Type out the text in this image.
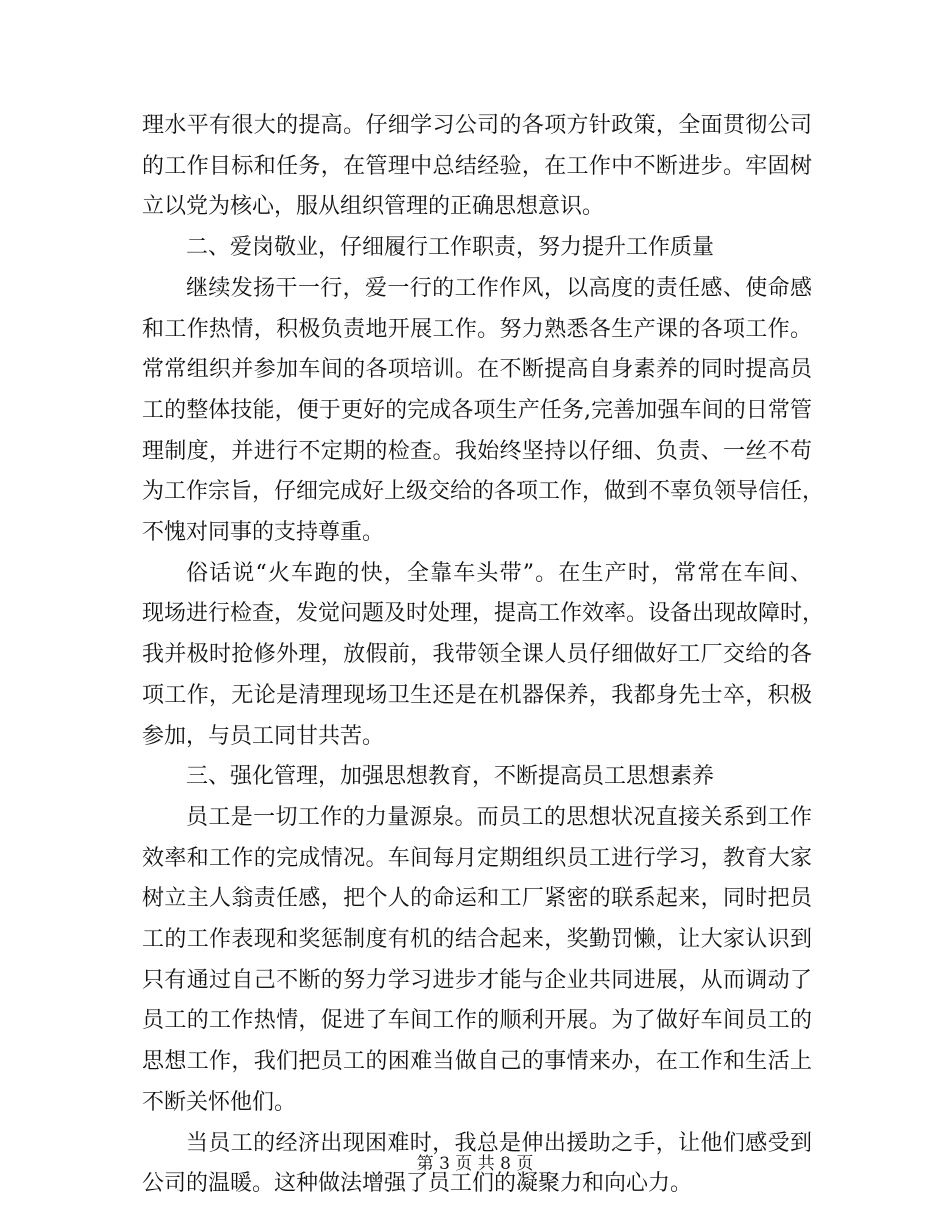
理水平有很大的提高。仔细学习公司的各项方针政策，全面贯彻公司
的工作目标和任务，在管理中总结经验，在工作中不断进步。牢固树
立以党为核心，服从组织管理的正确思想意识。
二、爱岗敬业，仔细履行工作职责，努力提升工作质量
继续发扬干一行，爱一行的工作作风，以高度的责任感、使命感
和工作热情，积极负责地开展工作。努力熟悉各生产课的各项工作。
常常组织并参加车间的各项培训。在不断提高自身素养的同时提高员
工的整体技能，便于更好的完成各项生产任务,完善加强车间的日常管
理制度，并进行不定期的检查。我始终坚持以仔细、负责、一丝不苟
为工作宗旨，仔细完成好上级交给的各项工作，做到不辜负领导信任，
不愧对同事的支持尊重。
俗话说“火车跑的快，全靠车头带”。在生产时，常常在车间、
现场进行检查，发觉问题及时处理，提高工作效率。设备出现故障时，
我并极时抢修外理，放假前，我带领全课人员仔细做好工厂交给的各
项工作，无论是清理现场卫生还是在机器保养，我都身先士卒，积极
参加，与员工同甘共苦。
三、强化管理，加强思想教育，不断提高员工思想素养
员工是一切工作的力量源泉。而员工的思想状况直接关系到工作
效率和工作的完成情况。车间每月定期组织员工进行学习，教育大家
树立主人翁责任感，把个人的命运和工厂紧密的联系起来，同时把员
工的工作表现和奖惩制度有机的结合起来，奖勤罚懒，让大家认识到
只有通过自己不断的努力学习进步才能与企业共同进展，从而调动了
员工的工作热情，促进了车间工作的顺利开展。为了做好车间员工的
思想工作，我们把员工的困难当做自己的事情来办，在工作和生活上
不断关怀他们。
当员工的经济出现困难时，我总是伸出援助之手，让他们感受到
公司的温暖。这种做法增强了员工们的凝聚力和向心力。
第 3 页 共 8 页
